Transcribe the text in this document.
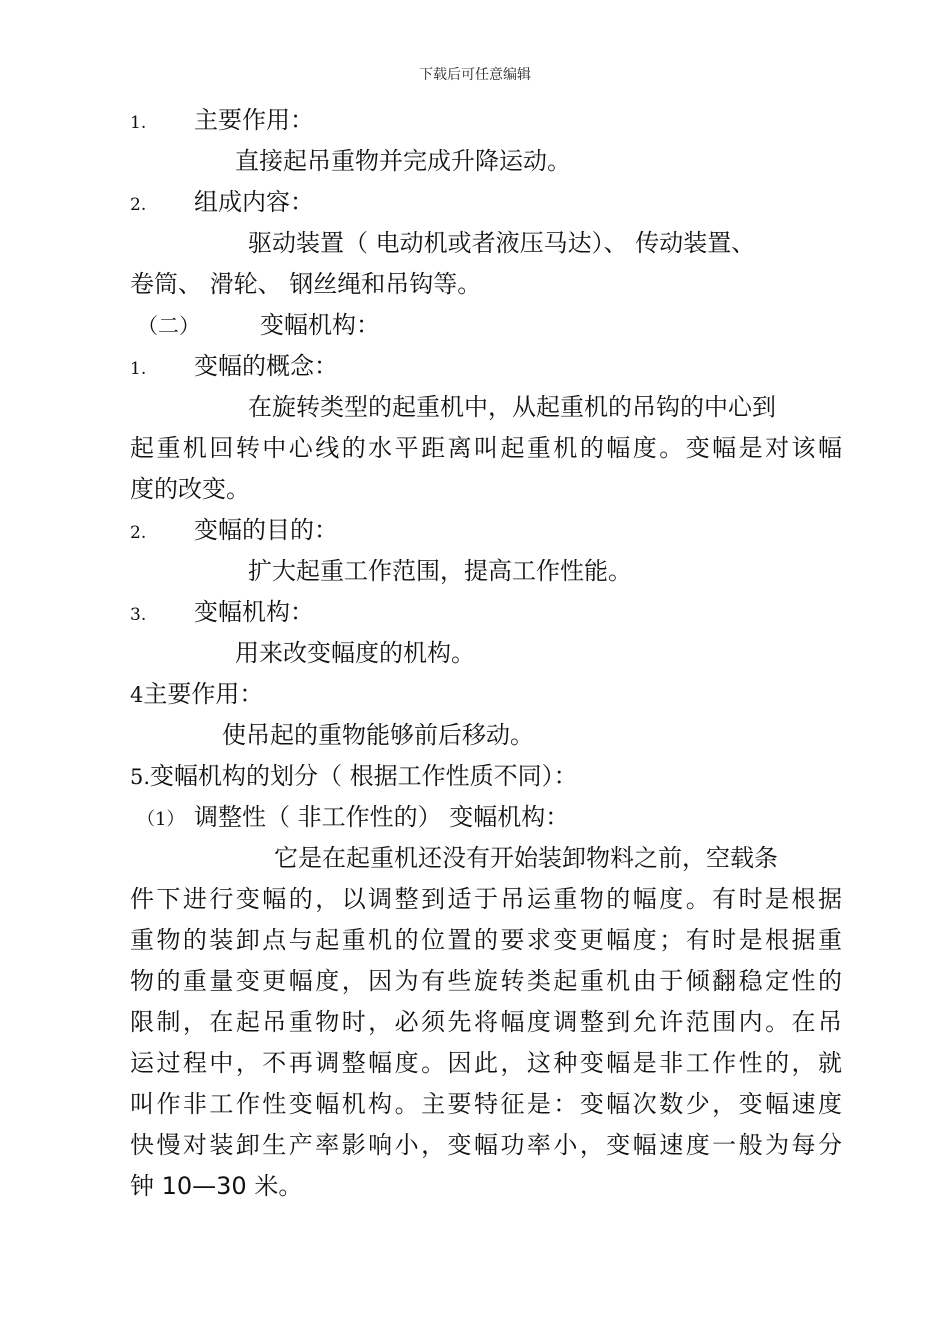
下载后可任意编辑
1. 主要作用：
直接起吊重物并完成升降运动。
2. 组成内容：
驱动装置（ 电动机或者液压马达）、 传动装置、
卷筒、 滑轮、 钢丝绳和吊钩等。
（二）	变幅机构：
1. 变幅的概念：
在旋转类型的起重机中，从起重机的吊钩的中心到
起重机回转中心线的水平距离叫起重机的幅度。变幅是对该幅
度的改变。
2. 变幅的目的：
扩大起重工作范围，提高工作性能。
3. 变幅机构：
用来改变幅度的机构。
4主要作用：
使吊起的重物能够前后移动。
5.变幅机构的划分（ 根据工作性质不同）：
（1） 调整性（ 非工作性的） 变幅机构：
它是在起重机还没有开始装卸物料之前，空载条
件下进行变幅的，以调整到适于吊运重物的幅度。有时是根据
重物的装卸点与起重机的位置的要求变更幅度；有时是根据重
物的重量变更幅度，因为有些旋转类起重机由于倾翻稳定性的
限制，在起吊重物时，必须先将幅度调整到允许范围内。在吊
运过程中，不再调整幅度。因此，这种变幅是非工作性的，就
叫作非工作性变幅机构。主要特征是：变幅次数少，变幅速度
快慢对装卸生产率影响小，变幅功率小，变幅速度一般为每分
钟 10—30 米。
